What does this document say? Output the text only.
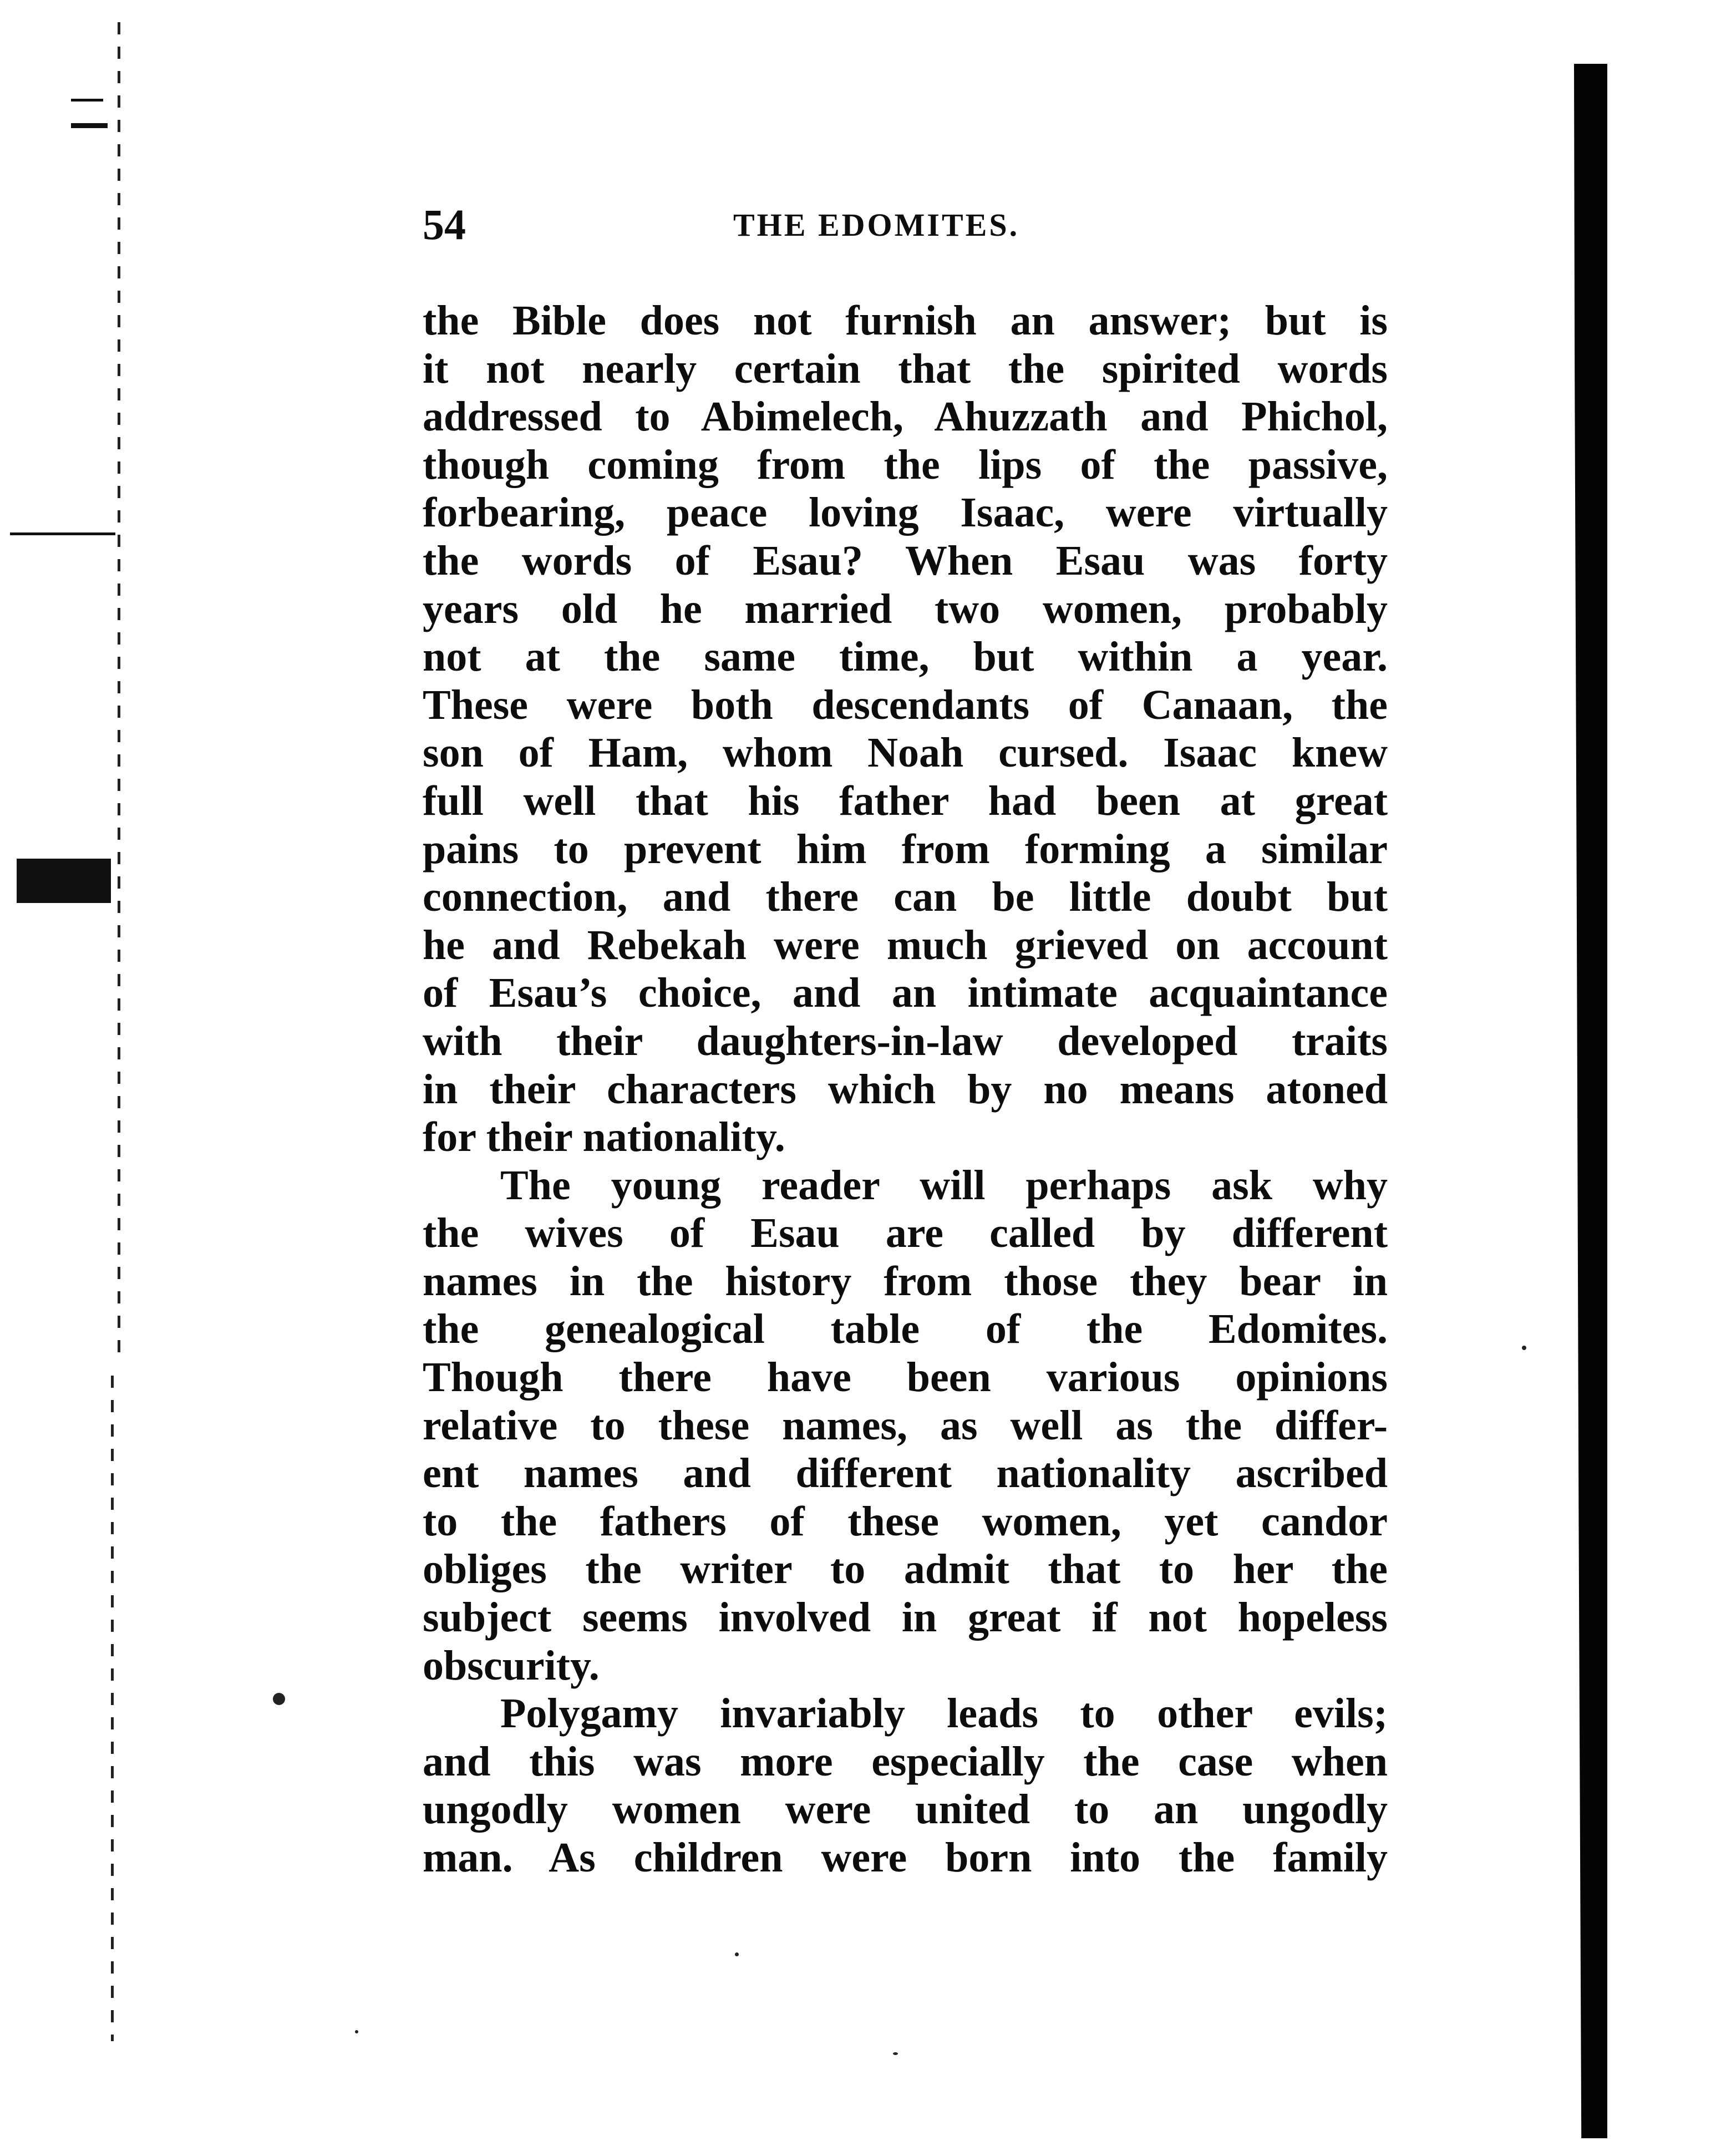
54	THE EDOMITES.
the Bible does not furnish an answer; but is
it not nearly certain that the spirited words
addressed to Abimelech, Ahuzzath and Phichol,
though coming from the lips of the passive,
forbearing, peace loving Isaac, were virtually
the words of Esau? When Esau was forty
years old he married two women, probably
not at the same time, but within a year.
These were both descendants of Canaan, the
son of Ham, whom Noah cursed. Isaac knew
full well that his father had been at great
pains to prevent him from forming a similar
connection, and there can be little doubt but
he and Rebekah were much grieved on account
of Esau’s choice, and an intimate acquaintance
with their daughters-in-law developed traits
in their characters which by no means atoned
for their nationality.
The young reader will perhaps ask why
the wives of Esau are called by different
names in the history from those they bear in
the genealogical table of the Edomites.
Though there have been various opinions
relative to these names, as well as the differ-
ent names and different nationality ascribed
to the fathers of these women, yet candor
obliges the writer to admit that to her the
subject seems involved in great if not hopeless
obscurity.
Polygamy invariably leads to other evils;
and this was more especially the case when
ungodly women were united to an ungodly
man. As children were born into the family
